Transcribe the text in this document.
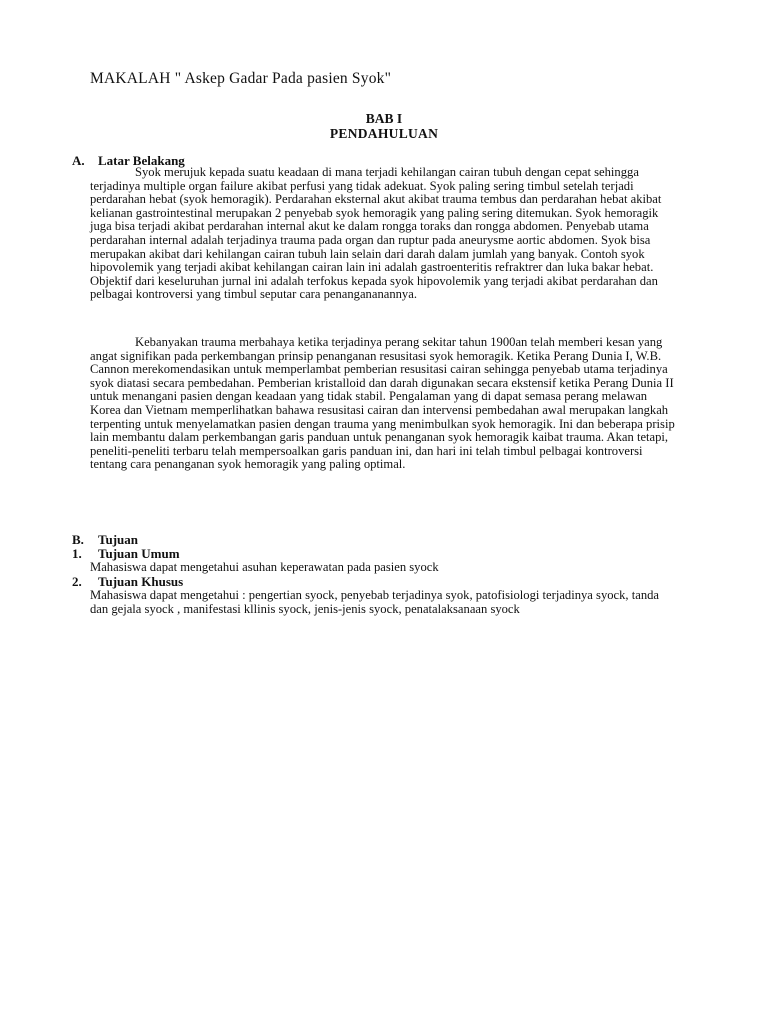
MAKALAH " Askep Gadar Pada pasien Syok"
BAB I
PENDAHULUAN
A. Latar Belakang
Syok merujuk kepada suatu keadaan di mana terjadi kehilangan cairan tubuh dengan cepat sehingga terjadinya multiple organ failure akibat perfusi yang tidak adekuat. Syok paling sering timbul setelah terjadi perdarahan hebat (syok hemoragik). Perdarahan eksternal akut akibat trauma tembus dan perdarahan hebat akibat kelianan gastrointestinal merupakan 2 penyebab syok hemoragik yang paling sering ditemukan. Syok hemoragik juga bisa terjadi akibat perdarahan internal akut ke dalam rongga toraks dan rongga abdomen. Penyebab utama perdarahan internal adalah terjadinya trauma pada organ dan ruptur pada aneurysme aortic abdomen. Syok bisa merupakan akibat dari kehilangan cairan tubuh lain selain dari darah dalam jumlah yang banyak. Contoh syok hipovolemik yang terjadi akibat kehilangan cairan lain ini adalah gastroenteritis refraktrer dan luka bakar hebat. Objektif dari keseluruhan jurnal ini adalah terfokus kepada syok hipovolemik yang terjadi akibat perdarahan dan pelbagai kontroversi yang timbul seputar cara penangananannya.
Kebanyakan trauma merbahaya ketika terjadinya perang sekitar tahun 1900an telah memberi kesan yang angat signifikan pada perkembangan prinsip penanganan resusitasi syok hemoragik. Ketika Perang Dunia I, W.B. Cannon merekomendasikan untuk memperlambat pemberian resusitasi cairan sehingga penyebab utama terjadinya syok diatasi secara pembedahan. Pemberian kristalloid dan darah digunakan secara ekstensif ketika Perang Dunia II untuk menangani pasien dengan keadaan yang tidak stabil. Pengalaman yang di dapat semasa perang melawan Korea dan Vietnam memperlihatkan bahawa resusitasi cairan dan intervensi pembedahan awal merupakan langkah terpenting untuk menyelamatkan pasien dengan trauma yang menimbulkan syok hemoragik. Ini dan beberapa prisip lain membantu dalam perkembangan garis panduan untuk penanganan syok hemoragik kaibat trauma. Akan tetapi, peneliti-peneliti terbaru telah mempersoalkan garis panduan ini, dan hari ini telah timbul pelbagai kontroversi tentang cara penanganan syok hemoragik yang paling optimal.
B. Tujuan
1. Tujuan Umum
Mahasiswa dapat mengetahui asuhan keperawatan pada pasien syock
2. Tujuan Khusus
Mahasiswa dapat mengetahui : pengertian syock, penyebab terjadinya syok, patofisiologi terjadinya syock, tanda dan gejala syock , manifestasi kllinis syock, jenis-jenis syock, penatalaksanaan syock
